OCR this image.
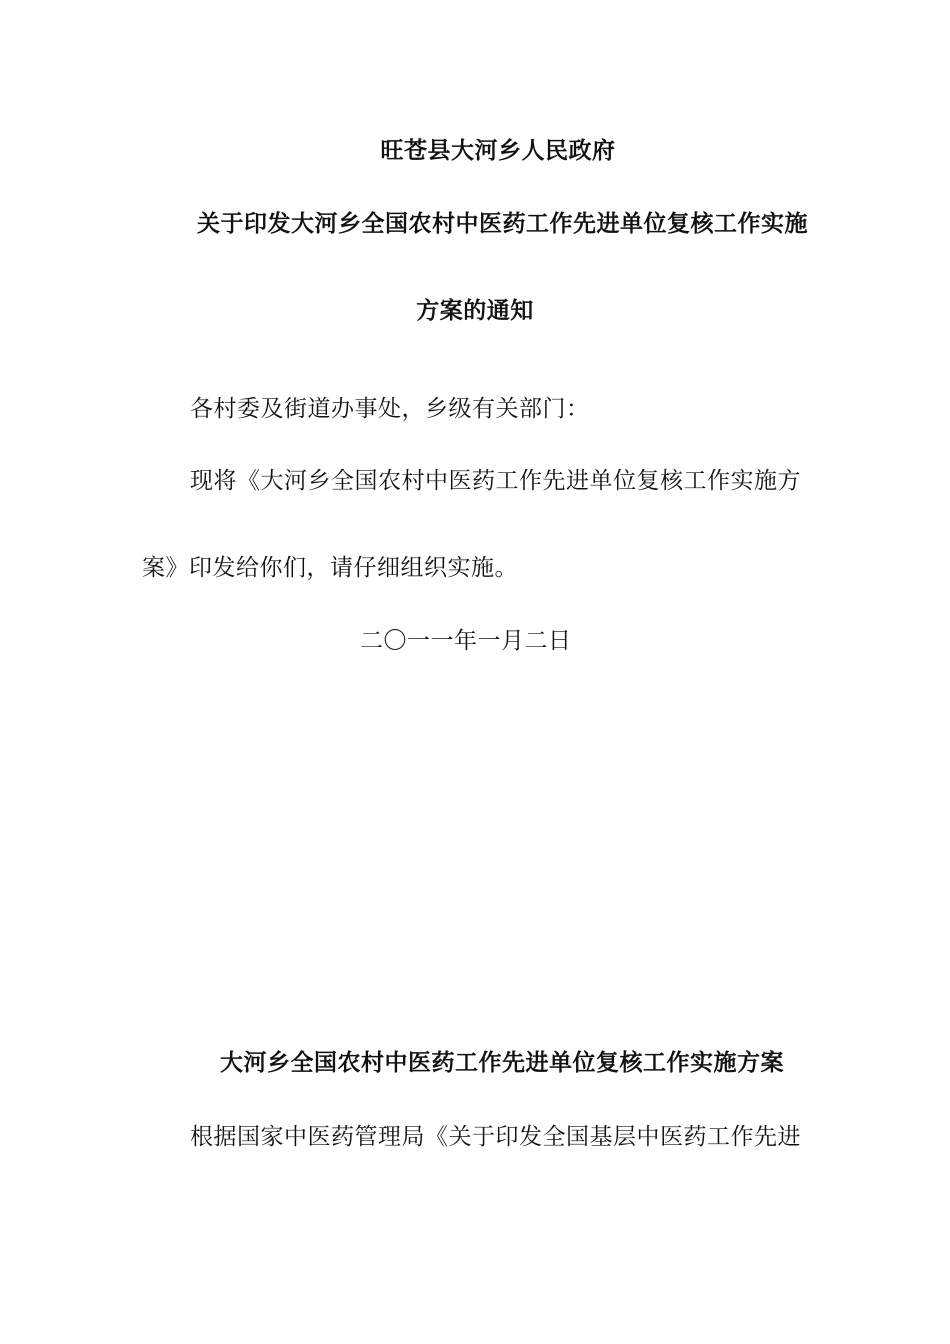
旺苍县大河乡人民政府
关于印发大河乡全国农村中医药工作先进单位复核工作实施
方案的通知
各村委及街道办事处，乡级有关部门：
现将《大河乡全国农村中医药工作先进单位复核工作实施方
案》印发给你们，请仔细组织实施。
二〇一一年一月二日
大河乡全国农村中医药工作先进单位复核工作实施方案
根据国家中医药管理局《关于印发全国基层中医药工作先进
